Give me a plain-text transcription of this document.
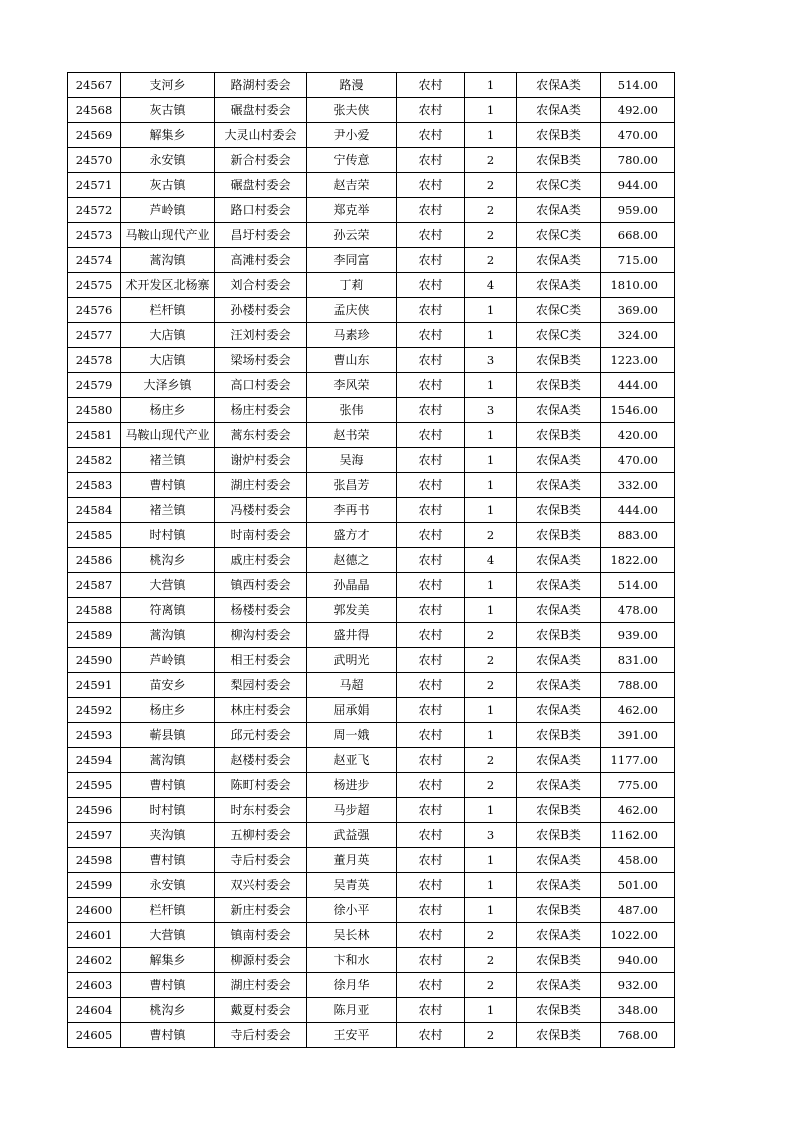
24567	支河乡	路湖村委会	路漫	农村	1	农保A类	514.00
24568	灰古镇	碾盘村委会	张夫侠	农村	1	农保A类	492.00
24569	解集乡	大灵山村委会	尹小爱	农村	1	农保B类	470.00
24570	永安镇	新合村委会	宁传意	农村	2	农保B类	780.00
24571	灰古镇	碾盘村委会	赵吉荣	农村	2	农保C类	944.00
24572	芦岭镇	路口村委会	郑克举	农村	2	农保A类	959.00
24573	马鞍山现代产业	昌圩村委会	孙云荣	农村	2	农保C类	668.00
24574	蒿沟镇	高滩村委会	李同富	农村	2	农保A类	715.00
24575	术开发区北杨寨	刘合村委会	丁莉	农村	4	农保A类	1810.00
24576	栏杆镇	孙楼村委会	孟庆侠	农村	1	农保C类	369.00
24577	大店镇	汪刘村委会	马素珍	农村	1	农保C类	324.00
24578	大店镇	梁场村委会	曹山东	农村	3	农保B类	1223.00
24579	大泽乡镇	高口村委会	李风荣	农村	1	农保B类	444.00
24580	杨庄乡	杨庄村委会	张伟	农村	3	农保A类	1546.00
24581	马鞍山现代产业	蒿东村委会	赵书荣	农村	1	农保B类	420.00
24582	褚兰镇	谢炉村委会	吴海	农村	1	农保A类	470.00
24583	曹村镇	湖庄村委会	张昌芳	农村	1	农保A类	332.00
24584	褚兰镇	冯楼村委会	李再书	农村	1	农保B类	444.00
24585	时村镇	时南村委会	盛方才	农村	2	农保B类	883.00
24586	桃沟乡	戚庄村委会	赵德之	农村	4	农保A类	1822.00
24587	大营镇	镇西村委会	孙晶晶	农村	1	农保A类	514.00
24588	符离镇	杨楼村委会	郭发美	农村	1	农保A类	478.00
24589	蒿沟镇	柳沟村委会	盛井得	农村	2	农保B类	939.00
24590	芦岭镇	相王村委会	武明光	农村	2	农保A类	831.00
24591	苗安乡	梨园村委会	马超	农村	2	农保A类	788.00
24592	杨庄乡	林庄村委会	屈承娟	农村	1	农保A类	462.00
24593	蕲县镇	邱元村委会	周一娥	农村	1	农保B类	391.00
24594	蒿沟镇	赵楼村委会	赵亚飞	农村	2	农保A类	1177.00
24595	曹村镇	陈町村委会	杨进步	农村	2	农保A类	775.00
24596	时村镇	时东村委会	马步超	农村	1	农保B类	462.00
24597	夹沟镇	五柳村委会	武益强	农村	3	农保B类	1162.00
24598	曹村镇	寺后村委会	董月英	农村	1	农保A类	458.00
24599	永安镇	双兴村委会	吴青英	农村	1	农保A类	501.00
24600	栏杆镇	新庄村委会	徐小平	农村	1	农保B类	487.00
24601	大营镇	镇南村委会	吴长林	农村	2	农保A类	1022.00
24602	解集乡	柳源村委会	卞和水	农村	2	农保B类	940.00
24603	曹村镇	湖庄村委会	徐月华	农村	2	农保A类	932.00
24604	桃沟乡	戴夏村委会	陈月亚	农村	1	农保B类	348.00
24605	曹村镇	寺后村委会	王安平	农村	2	农保B类	768.00
